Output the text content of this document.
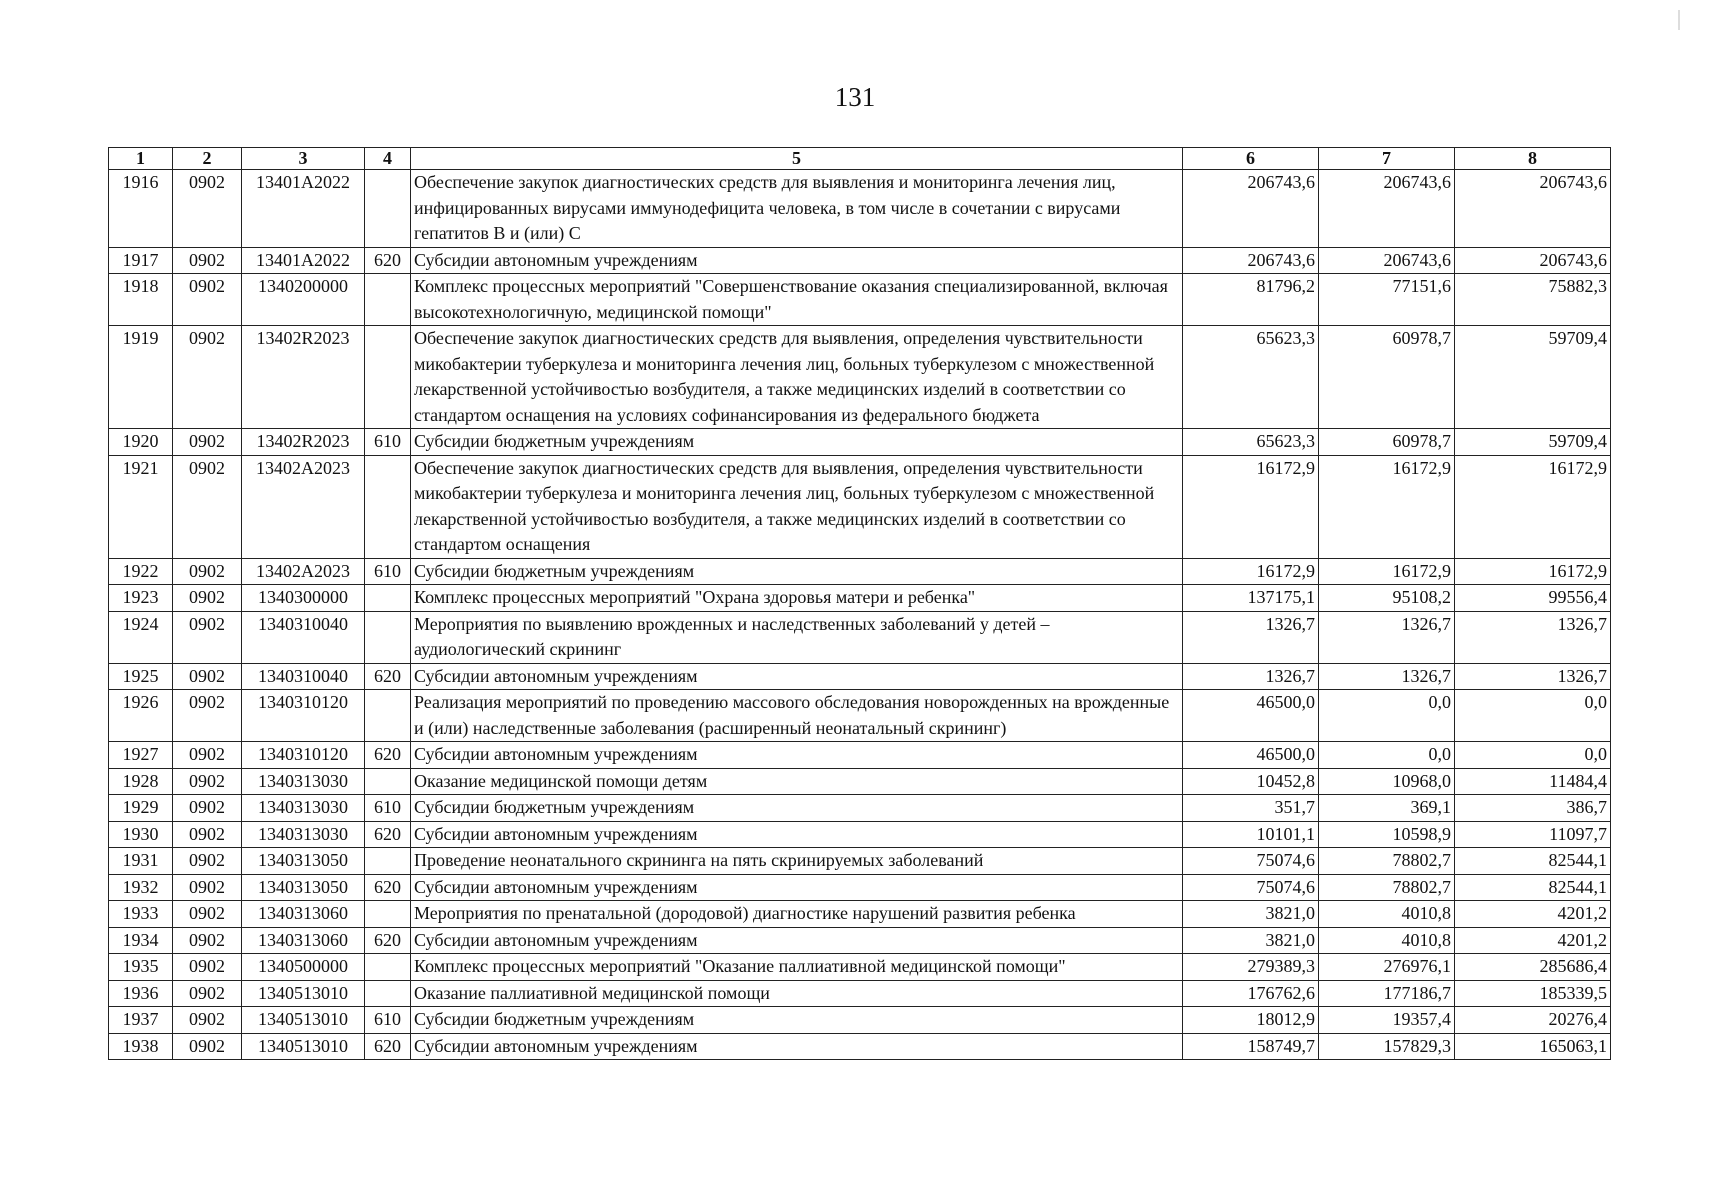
131
1	2	3	4	5	6	7	8
1916	0902	13401A2022		Обеспечение закупок диагностических средств для выявления и мониторинга лечения лиц, инфицированных вирусами иммунодефицита человека, в том числе в сочетании с вирусами гепатитов В и (или) С	206743,6	206743,6	206743,6
1917	0902	13401A2022	620	Субсидии автономным учреждениям	206743,6	206743,6	206743,6
1918	0902	1340200000		Комплекс процессных мероприятий "Совершенствование оказания специализированной, включая высокотехнологичную, медицинской помощи"	81796,2	77151,6	75882,3
1919	0902	13402R2023		Обеспечение закупок диагностических средств для выявления, определения чувствительности микобактерии туберкулеза и мониторинга лечения лиц, больных туберкулезом с множественной лекарственной устойчивостью возбудителя, а также медицинских изделий в соответствии со стандартом оснащения на условиях софинансирования из федерального бюджета	65623,3	60978,7	59709,4
1920	0902	13402R2023	610	Субсидии бюджетным учреждениям	65623,3	60978,7	59709,4
1921	0902	13402A2023		Обеспечение закупок диагностических средств для выявления, определения чувствительности микобактерии туберкулеза и мониторинга лечения лиц, больных туберкулезом с множественной лекарственной устойчивостью возбудителя, а также медицинских изделий в соответствии со стандартом оснащения	16172,9	16172,9	16172,9
1922	0902	13402A2023	610	Субсидии бюджетным учреждениям	16172,9	16172,9	16172,9
1923	0902	1340300000		Комплекс процессных мероприятий "Охрана здоровья матери и ребенка"	137175,1	95108,2	99556,4
1924	0902	1340310040		Мероприятия по выявлению врожденных и наследственных заболеваний у детей – аудиологический скрининг	1326,7	1326,7	1326,7
1925	0902	1340310040	620	Субсидии автономным учреждениям	1326,7	1326,7	1326,7
1926	0902	1340310120		Реализация мероприятий по проведению массового обследования новорожденных на врожденные и (или) наследственные заболевания (расширенный неонатальный скрининг)	46500,0	0,0	0,0
1927	0902	1340310120	620	Субсидии автономным учреждениям	46500,0	0,0	0,0
1928	0902	1340313030		Оказание медицинской помощи детям	10452,8	10968,0	11484,4
1929	0902	1340313030	610	Субсидии бюджетным учреждениям	351,7	369,1	386,7
1930	0902	1340313030	620	Субсидии автономным учреждениям	10101,1	10598,9	11097,7
1931	0902	1340313050		Проведение неонатального скрининга на пять скринируемых заболеваний	75074,6	78802,7	82544,1
1932	0902	1340313050	620	Субсидии автономным учреждениям	75074,6	78802,7	82544,1
1933	0902	1340313060		Мероприятия по пренатальной (дородовой) диагностике нарушений развития ребенка	3821,0	4010,8	4201,2
1934	0902	1340313060	620	Субсидии автономным учреждениям	3821,0	4010,8	4201,2
1935	0902	1340500000		Комплекс процессных мероприятий "Оказание паллиативной медицинской помощи"	279389,3	276976,1	285686,4
1936	0902	1340513010		Оказание паллиативной медицинской помощи	176762,6	177186,7	185339,5
1937	0902	1340513010	610	Субсидии бюджетным учреждениям	18012,9	19357,4	20276,4
1938	0902	1340513010	620	Субсидии автономным учреждениям	158749,7	157829,3	165063,1
